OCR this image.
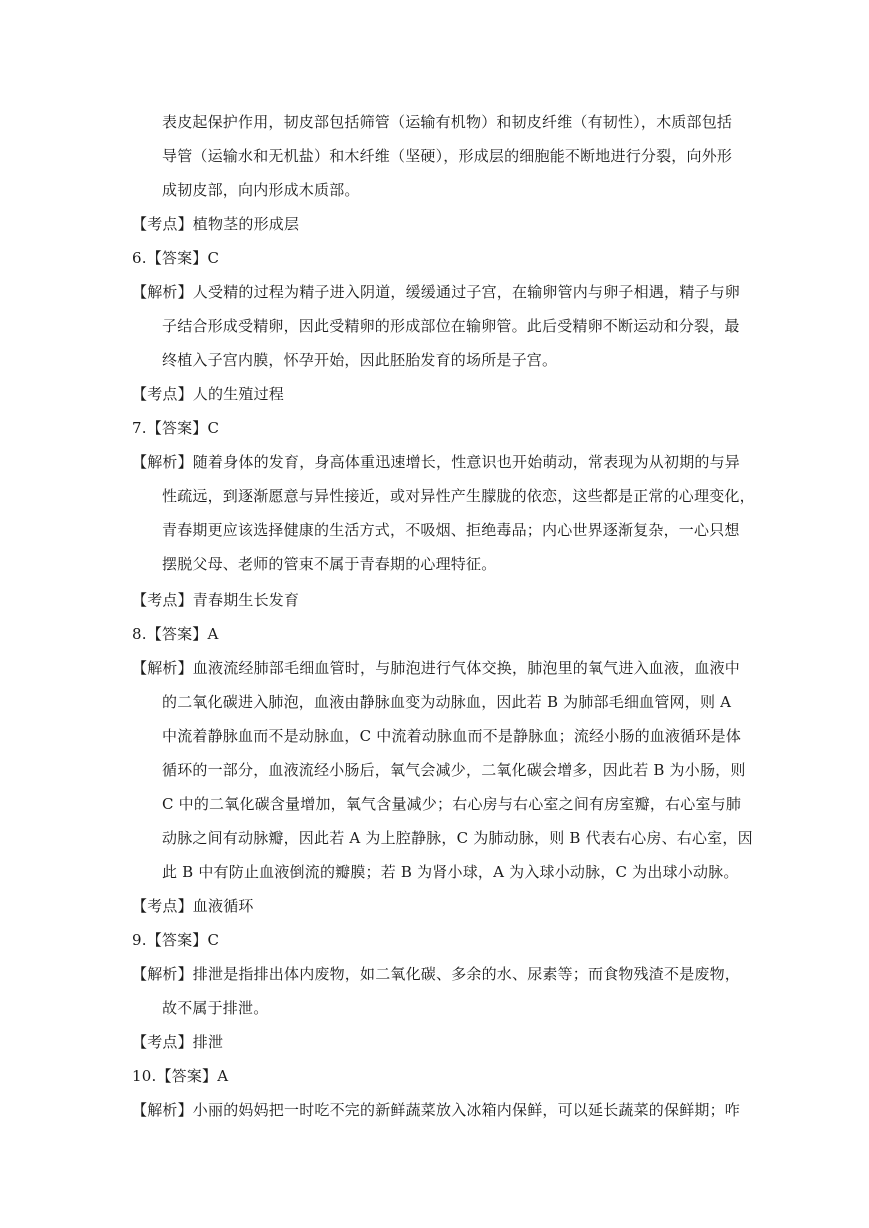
表皮起保护作用，韧皮部包括筛管（运输有机物）和韧皮纤维（有韧性），木质部包括
导管（运输水和无机盐）和木纤维（坚硬），形成层的细胞能不断地进行分裂，向外形
成韧皮部，向内形成木质部。
【考点】植物茎的形成层
6.【答案】C
【解析】人受精的过程为精子进入阴道，缓缓通过子宫，在输卵管内与卵子相遇，精子与卵
子结合形成受精卵，因此受精卵的形成部位在输卵管。此后受精卵不断运动和分裂，最
终植入子宫内膜，怀孕开始，因此胚胎发育的场所是子宫。
【考点】人的生殖过程
7.【答案】C
【解析】随着身体的发育，身高体重迅速增长，性意识也开始萌动，常表现为从初期的与异
性疏远，到逐渐愿意与异性接近，或对异性产生朦胧的依恋，这些都是正常的心理变化，
青春期更应该选择健康的生活方式，不吸烟、拒绝毒品；内心世界逐渐复杂，一心只想
摆脱父母、老师的管束不属于青春期的心理特征。
【考点】青春期生长发育
8.【答案】A
【解析】血液流经肺部毛细血管时，与肺泡进行气体交换，肺泡里的氧气进入血液，血液中
的二氧化碳进入肺泡，血液由静脉血变为动脉血，因此若 B 为肺部毛细血管网，则 A
中流着静脉血而不是动脉血，C 中流着动脉血而不是静脉血；流经小肠的血液循环是体
循环的一部分，血液流经小肠后，氧气会减少，二氧化碳会增多，因此若 B 为小肠，则
C 中的二氧化碳含量增加，氧气含量减少；右心房与右心室之间有房室瓣，右心室与肺
动脉之间有动脉瓣，因此若 A 为上腔静脉，C 为肺动脉，则 B 代表右心房、右心室，因
此 B 中有防止血液倒流的瓣膜；若 B 为肾小球，A 为入球小动脉，C 为出球小动脉。
【考点】血液循环
9.【答案】C
【解析】排泄是指排出体内废物，如二氧化碳、多余的水、尿素等；而食物残渣不是废物，
故不属于排泄。
【考点】排泄
10.【答案】A
【解析】小丽的妈妈把一时吃不完的新鲜蔬菜放入冰箱内保鲜，可以延长蔬菜的保鲜期；咋
